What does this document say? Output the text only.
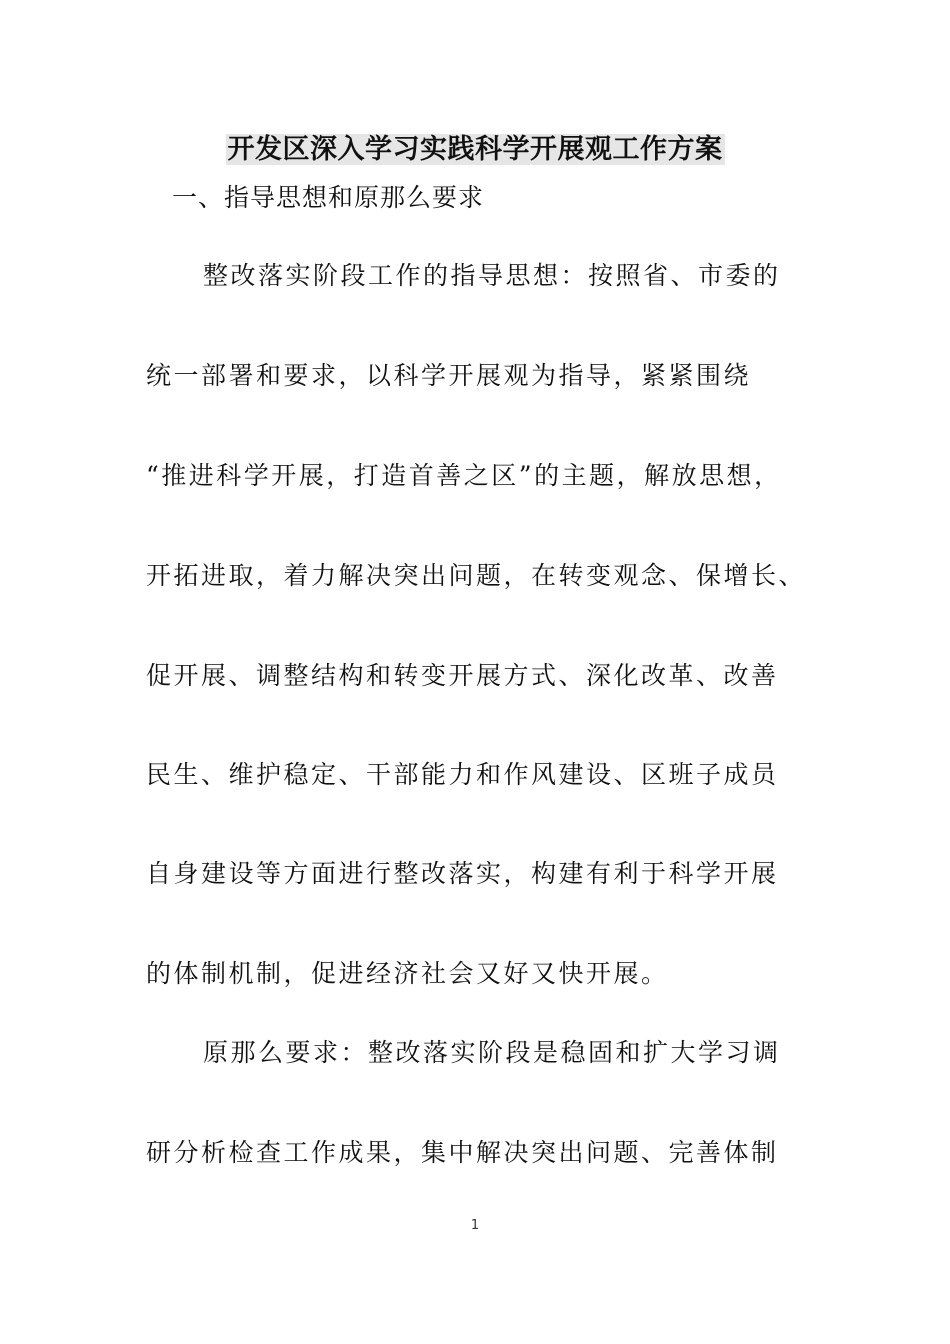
开发区深入学习实践科学开展观工作方案
一、指导思想和原那么要求
整改落实阶段工作的指导思想：按照省、市委的
统一部署和要求，以科学开展观为指导，紧紧围绕
“推进科学开展，打造首善之区”的主题，解放思想，
开拓进取，着力解决突出问题，在转变观念、保增长、
促开展、调整结构和转变开展方式、深化改革、改善
民生、维护稳定、干部能力和作风建设、区班子成员
自身建设等方面进行整改落实，构建有利于科学开展
的体制机制，促进经济社会又好又快开展。
原那么要求：整改落实阶段是稳固和扩大学习调
研分析检查工作成果，集中解决突出问题、完善体制
1
